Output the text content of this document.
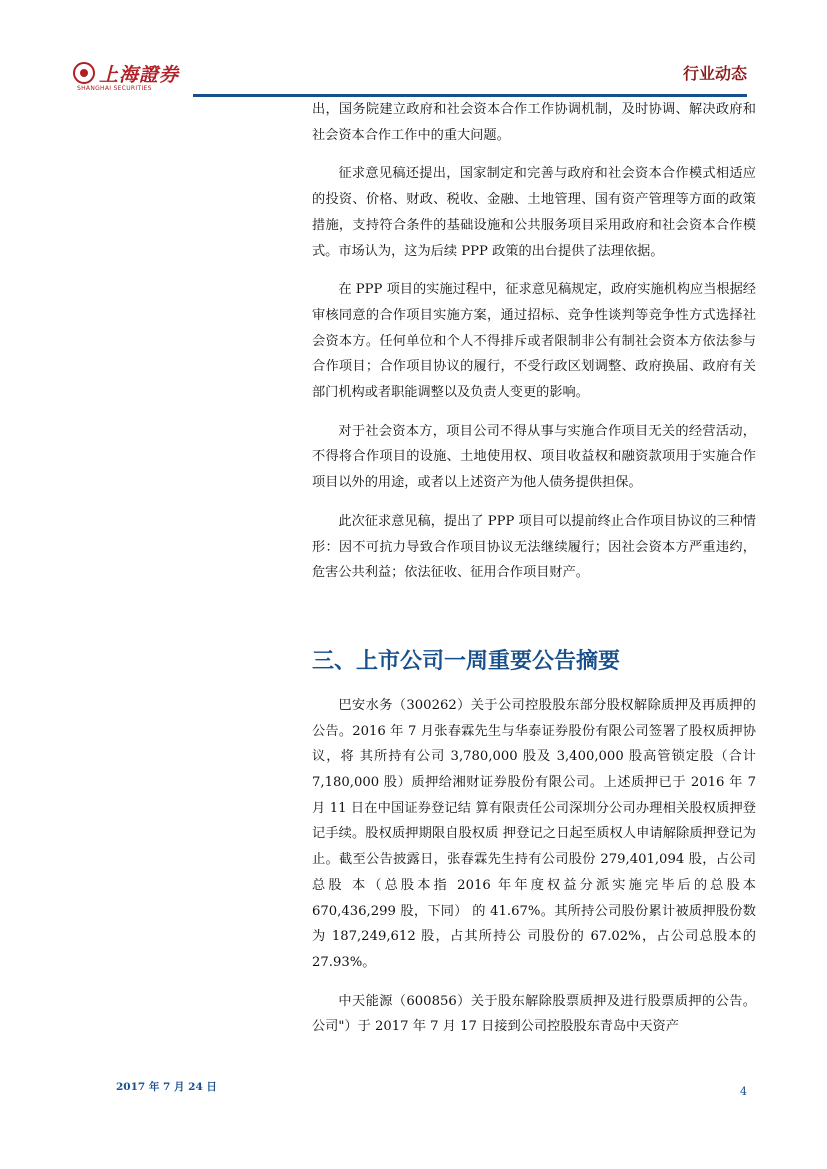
上海證券
SHANGHAI SECURITIES
行业动态

出，国务院建立政府和社会资本合作工作协调机制，及时协调、解决政府和社会资本合作工作中的重大问题。

征求意见稿还提出，国家制定和完善与政府和社会资本合作模式相适应的投资、价格、财政、税收、金融、土地管理、国有资产管理等方面的政策措施，支持符合条件的基础设施和公共服务项目采用政府和社会资本合作模式。市场认为，这为后续 PPP 政策的出台提供了法理依据。

在 PPP 项目的实施过程中，征求意见稿规定，政府实施机构应当根据经审核同意的合作项目实施方案，通过招标、竞争性谈判等竞争性方式选择社会资本方。任何单位和个人不得排斥或者限制非公有制社会资本方依法参与合作项目；合作项目协议的履行，不受行政区划调整、政府换届、政府有关部门机构或者职能调整以及负责人变更的影响。

对于社会资本方，项目公司不得从事与实施合作项目无关的经营活动，不得将合作项目的设施、土地使用权、项目收益权和融资款项用于实施合作项目以外的用途，或者以上述资产为他人债务提供担保。

此次征求意见稿，提出了 PPP 项目可以提前终止合作项目协议的三种情形：因不可抗力导致合作项目协议无法继续履行；因社会资本方严重违约，危害公共利益；依法征收、征用合作项目财产。

三、上市公司一周重要公告摘要

巴安水务（300262）关于公司控股股东部分股权解除质押及再质押的公告。2016 年 7 月张春霖先生与华泰证券股份有限公司签署了股权质押协议，将 其所持有公司 3,780,000 股及 3,400,000 股高管锁定股（合计 7,180,000 股）质押给湘财证券股份有限公司。上述质押已于 2016 年 7 月 11 日在中国证券登记结 算有限责任公司深圳分公司办理相关股权质押登记手续。股权质押期限自股权质 押登记之日起至质权人申请解除质押登记为止。截至公告披露日，张春霖先生持有公司股份 279,401,094 股，占公司总股 本（总股本指 2016 年年度权益分派实施完毕后的总股本 670,436,299 股，下同） 的 41.67%。其所持公司股份累计被质押股份数为 187,249,612 股，占其所持公 司股份的 67.02%，占公司总股本的 27.93%。

中天能源（600856）关于股东解除股票质押及进行股票质押的公告。公司"）于 2017 年 7 月 17 日接到公司控股股东青岛中天资产

2017 年 7 月 24 日	4
